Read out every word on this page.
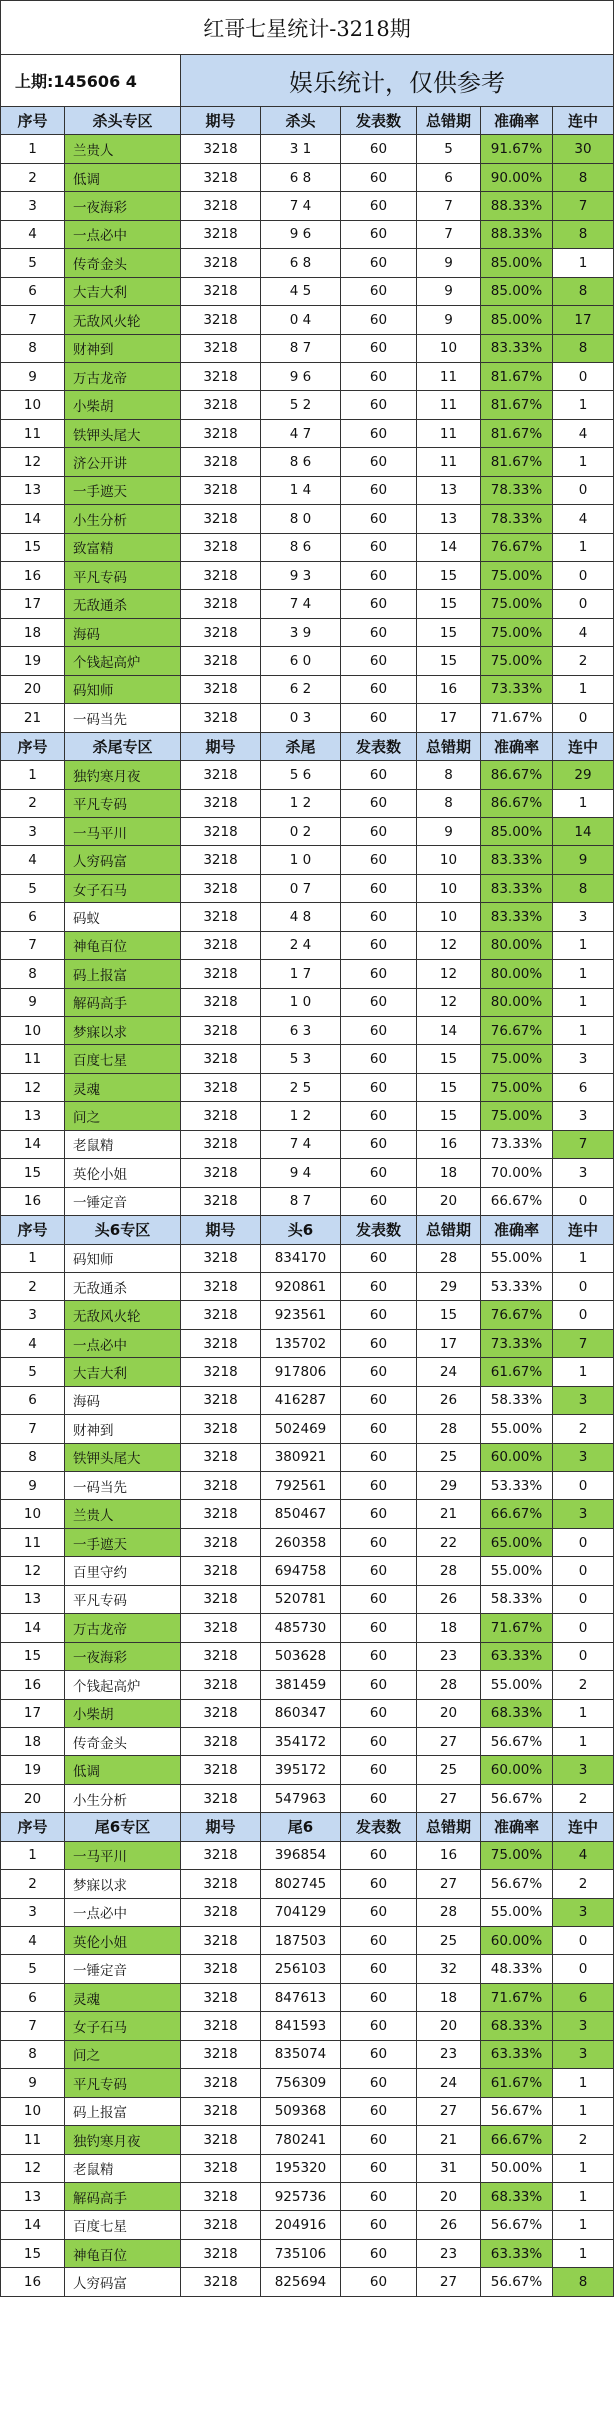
红哥七星统计-3218期
上期:145606 4	娱乐统计，仅供参考
序号	杀头专区	期号	杀头	发表数	总错期	准确率	连中
1	兰贵人	3218	3 1	60	5	91.67%	30
2	低调	3218	6 8	60	6	90.00%	8
3	一夜海彩	3218	7 4	60	7	88.33%	7
4	一点必中	3218	9 6	60	7	88.33%	8
5	传奇金头	3218	6 8	60	9	85.00%	1
6	大吉大利	3218	4 5	60	9	85.00%	8
7	无敌风火轮	3218	0 4	60	9	85.00%	17
8	财神到	3218	8 7	60	10	83.33%	8
9	万古龙帝	3218	9 6	60	11	81.67%	0
10	小柴胡	3218	5 2	60	11	81.67%	1
11	铁钾头尾大	3218	4 7	60	11	81.67%	4
12	济公开讲	3218	8 6	60	11	81.67%	1
13	一手遮天	3218	1 4	60	13	78.33%	0
14	小生分析	3218	8 0	60	13	78.33%	4
15	致富精	3218	8 6	60	14	76.67%	1
16	平凡专码	3218	9 3	60	15	75.00%	0
17	无敌通杀	3218	7 4	60	15	75.00%	0
18	海码	3218	3 9	60	15	75.00%	4
19	个钱起高炉	3218	6 0	60	15	75.00%	2
20	码知师	3218	6 2	60	16	73.33%	1
21	一码当先	3218	0 3	60	17	71.67%	0
序号	杀尾专区	期号	杀尾	发表数	总错期	准确率	连中
1	独钓寒月夜	3218	5 6	60	8	86.67%	29
2	平凡专码	3218	1 2	60	8	86.67%	1
3	一马平川	3218	0 2	60	9	85.00%	14
4	人穷码富	3218	1 0	60	10	83.33%	9
5	女子石马	3218	0 7	60	10	83.33%	8
6	码蚁	3218	4 8	60	10	83.33%	3
7	神龟百位	3218	2 4	60	12	80.00%	1
8	码上报富	3218	1 7	60	12	80.00%	1
9	解码高手	3218	1 0	60	12	80.00%	1
10	梦寐以求	3218	6 3	60	14	76.67%	1
11	百度七星	3218	5 3	60	15	75.00%	3
12	灵魂	3218	2 5	60	15	75.00%	6
13	问之	3218	1 2	60	15	75.00%	3
14	老鼠精	3218	7 4	60	16	73.33%	7
15	英伦小姐	3218	9 4	60	18	70.00%	3
16	一锤定音	3218	8 7	60	20	66.67%	0
序号	头6专区	期号	头6	发表数	总错期	准确率	连中
1	码知师	3218	834170	60	28	55.00%	1
2	无敌通杀	3218	920861	60	29	53.33%	0
3	无敌风火轮	3218	923561	60	15	76.67%	0
4	一点必中	3218	135702	60	17	73.33%	7
5	大吉大利	3218	917806	60	24	61.67%	1
6	海码	3218	416287	60	26	58.33%	3
7	财神到	3218	502469	60	28	55.00%	2
8	铁钾头尾大	3218	380921	60	25	60.00%	3
9	一码当先	3218	792561	60	29	53.33%	0
10	兰贵人	3218	850467	60	21	66.67%	3
11	一手遮天	3218	260358	60	22	65.00%	0
12	百里守约	3218	694758	60	28	55.00%	0
13	平凡专码	3218	520781	60	26	58.33%	0
14	万古龙帝	3218	485730	60	18	71.67%	0
15	一夜海彩	3218	503628	60	23	63.33%	0
16	个钱起高炉	3218	381459	60	28	55.00%	2
17	小柴胡	3218	860347	60	20	68.33%	1
18	传奇金头	3218	354172	60	27	56.67%	1
19	低调	3218	395172	60	25	60.00%	3
20	小生分析	3218	547963	60	27	56.67%	2
序号	尾6专区	期号	尾6	发表数	总错期	准确率	连中
1	一马平川	3218	396854	60	16	75.00%	4
2	梦寐以求	3218	802745	60	27	56.67%	2
3	一点必中	3218	704129	60	28	55.00%	3
4	英伦小姐	3218	187503	60	25	60.00%	0
5	一锤定音	3218	256103	60	32	48.33%	0
6	灵魂	3218	847613	60	18	71.67%	6
7	女子石马	3218	841593	60	20	68.33%	3
8	问之	3218	835074	60	23	63.33%	3
9	平凡专码	3218	756309	60	24	61.67%	1
10	码上报富	3218	509368	60	27	56.67%	1
11	独钓寒月夜	3218	780241	60	21	66.67%	2
12	老鼠精	3218	195320	60	31	50.00%	1
13	解码高手	3218	925736	60	20	68.33%	1
14	百度七星	3218	204916	60	26	56.67%	1
15	神龟百位	3218	735106	60	23	63.33%	1
16	人穷码富	3218	825694	60	27	56.67%	8
